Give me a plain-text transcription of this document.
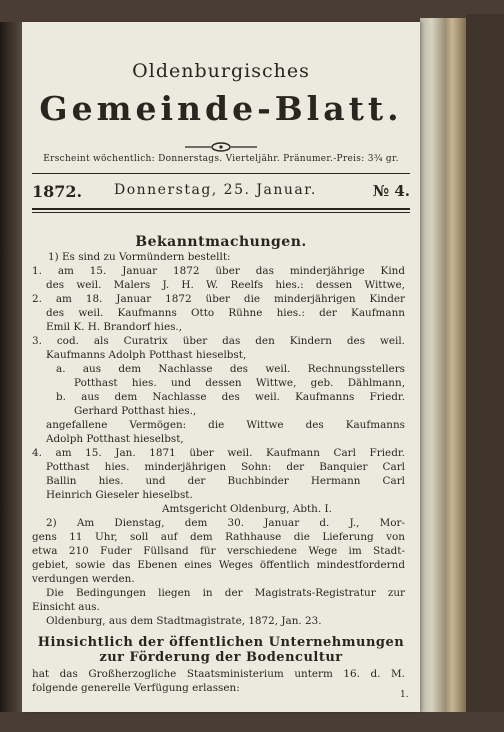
Oldenburgisches
Gemeinde-Blatt.
Erscheint wöchentlich: Donnerstags. Vierteljähr. Pränumer.-Preis: 3¾ gr.
1872. Donnerstag, 25. Januar.	№ 4.
Bekanntmachungen.
1) Es sind zu Vormündern bestellt:
1. am 15. Januar 1872 über das minderjährige Kind
des weil. Malers J. H. W. Reelfs hies.: dessen Wittwe,
2. am 18. Januar 1872 über die minderjährigen Kinder
des weil. Kaufmanns Otto Rühne hies.: der Kaufmann
Emil K. H. Brandorf hies.,
3. cod. als Curatrix über das den Kindern des weil.
Kaufmanns Adolph Potthast hieselbst,
a. aus dem Nachlasse des weil. Rechnungsstellers
Potthast hies. und dessen Wittwe, geb. Dählmann,
b. aus dem Nachlasse des weil. Kaufmanns Friedr.
Gerhard Potthast hies.,
angefallene Vermögen: die Wittwe des Kaufmanns
Adolph Potthast hieselbst,
4. am 15. Jan. 1871 über weil. Kaufmann Carl Friedr.
Potthast hies. minderjährigen Sohn: der Banquier Carl
Ballin hies. und der Buchbinder Hermann Carl
Heinrich Gieseler hieselbst.
Amtsgericht Oldenburg, Abth. I.
2) Am Dienstag, dem 30. Januar d. J., Mor-
gens 11 Uhr, soll auf dem Rathhause die Lieferung von
etwa 210 Fuder Füllsand für verschiedene Wege im Stadt-
gebiet, sowie das Ebenen eines Weges öffentlich mindestfordernd
verdungen werden.
Die Bedingungen liegen in der Magistrats-Registratur zur
Einsicht aus.
Oldenburg, aus dem Stadtmagistrate, 1872, Jan. 23.
Hinsichtlich der öffentlichen Unternehmungen
zur Förderung der Bodencultur
hat das Großherzogliche Staatsministerium unterm 16. d. M.
folgende generelle Verfügung erlassen:
1.
